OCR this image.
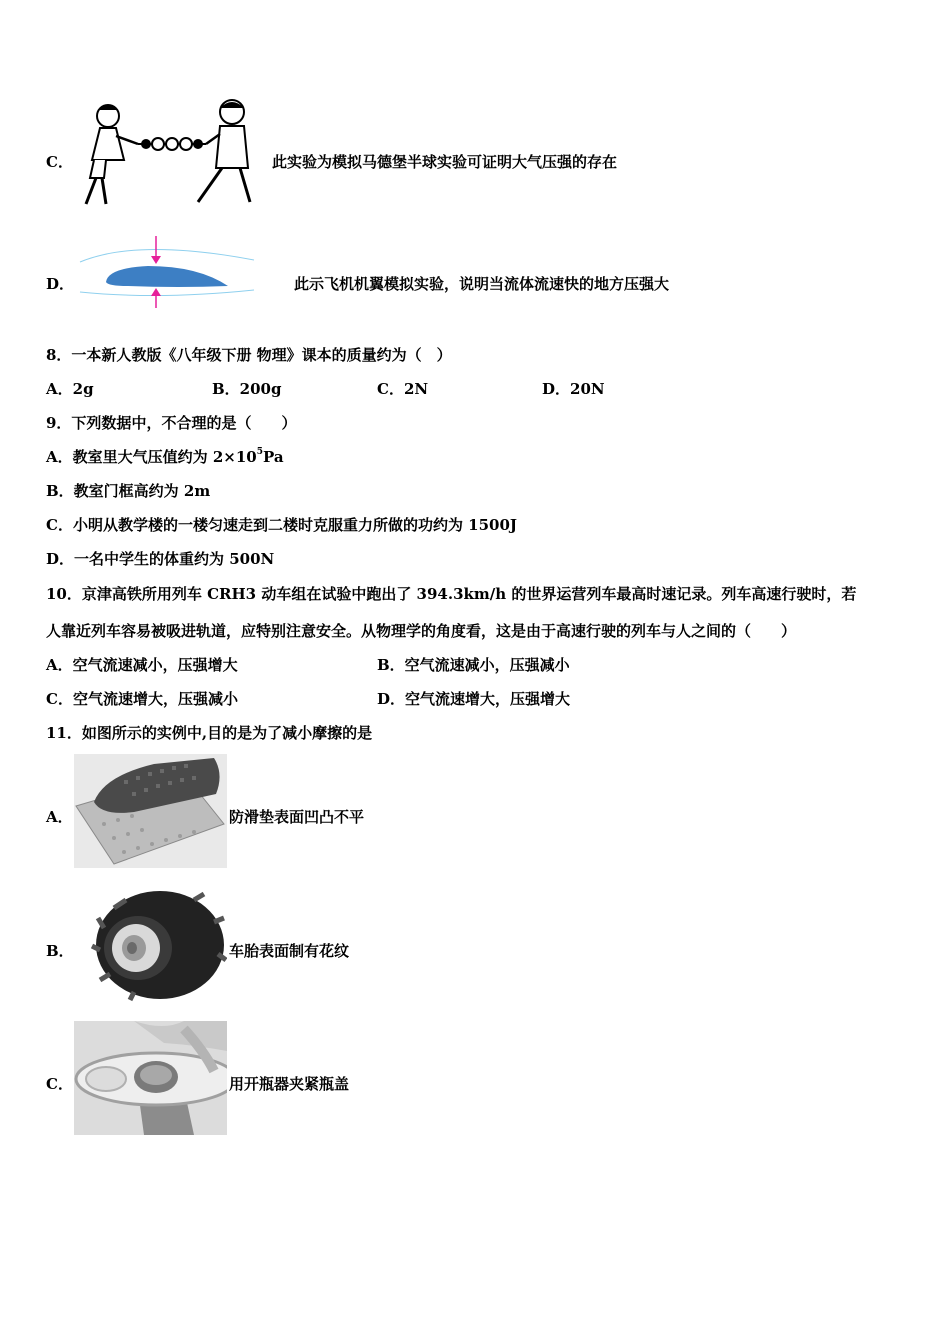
C．	此实验为模拟马德堡半球实验可证明大气压强的存在
D．	此示飞机机翼模拟实验，说明当流体流速快的地方压强大
8．一本新人教版《八年级下册 物理》课本的质量约为（　）
A．2g	B．200g	C．2N	D．20N
9．下列数据中，不合理的是（　　）
A．教室里大气压值约为 $2\times 10^5Pa$
B．教室门框高约为 2m
C．小明从教学楼的一楼匀速走到二楼时克服重力所做的功约为 1500J
D．一名中学生的体重约为 500N
10．京津高铁所用列车 CRH3 动车组在试验中跑出了 394.3km/h 的世界运营列车最高时速记录。列车高速行驶时，若
人靠近列车容易被吸进轨道，应特别注意安全。从物理学的角度看，这是由于高速行驶的列车与人之间的（　　）
A．空气流速减小，压强增大	B．空气流速减小，压强减小
C．空气流速增大，压强减小	D．空气流速增大，压强增大
11．如图所示的实例中,目的是为了减小摩擦的是
A．	防滑垫表面凹凸不平
B．	车胎表面制有花纹
C．	用开瓶器夹紧瓶盖
